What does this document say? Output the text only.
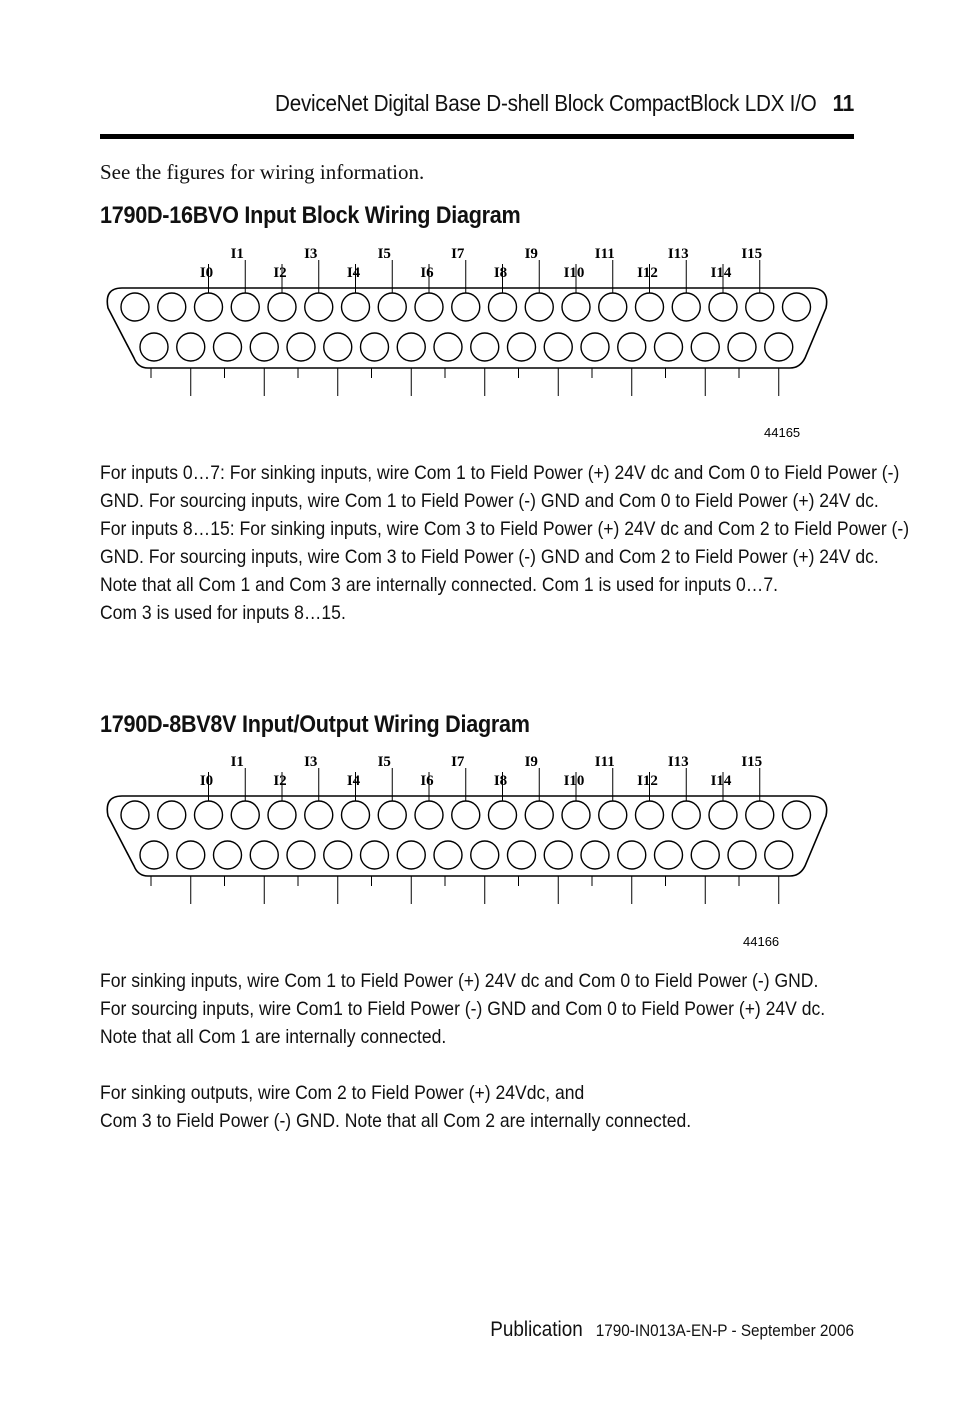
DeviceNet Digital Base D-shell Block CompactBlock LDX I/O 11
See the figures for wiring information.
1790D-16BVO Input Block Wiring Diagram
I0
I1
I2
I3
I4
I5
I6
I7
I8
I9
I10
I11
I12
I13
I14
I15
44165

For inputs 0…7: For sinking inputs, wire Com 1 to Field Power (+) 24V dc and Com 0 to Field Power (-) GND. For sourcing inputs, wire Com 1 to Field Power (-) GND and Com 0 to Field Power (+) 24V dc.

For inputs 8…15: For sinking inputs, wire Com 3 to Field Power (+) 24V dc and Com 2 to Field Power (-) GND. For sourcing inputs, wire Com 3 to Field Power (-) GND and Com 2 to Field Power (+) 24V dc.

Note that all Com 1 and Com 3 are internally connected. Com 1 is used for inputs 0…7.

Com 3 is used for inputs 8…15.

1790D-8BV8V Input/Output Wiring Diagram
I0
I1
I2
I3
I4
I5
I6
I7
I8
I9
I10
I11
I12
I13
I14
I15
44166

For sinking inputs, wire Com 1 to Field Power (+) 24V dc and Com 0 to Field Power (-) GND.

For sourcing inputs, wire Com1 to Field Power (-) GND and Com 0 to Field Power (+) 24V dc.

Note that all Com 1 are internally connected.

For sinking outputs, wire Com 2 to Field Power (+) 24Vdc, and

Com 3 to Field Power (-) GND. Note that all Com 2 are internally connected.

Publication 1790-IN013A-EN-P - September 2006
